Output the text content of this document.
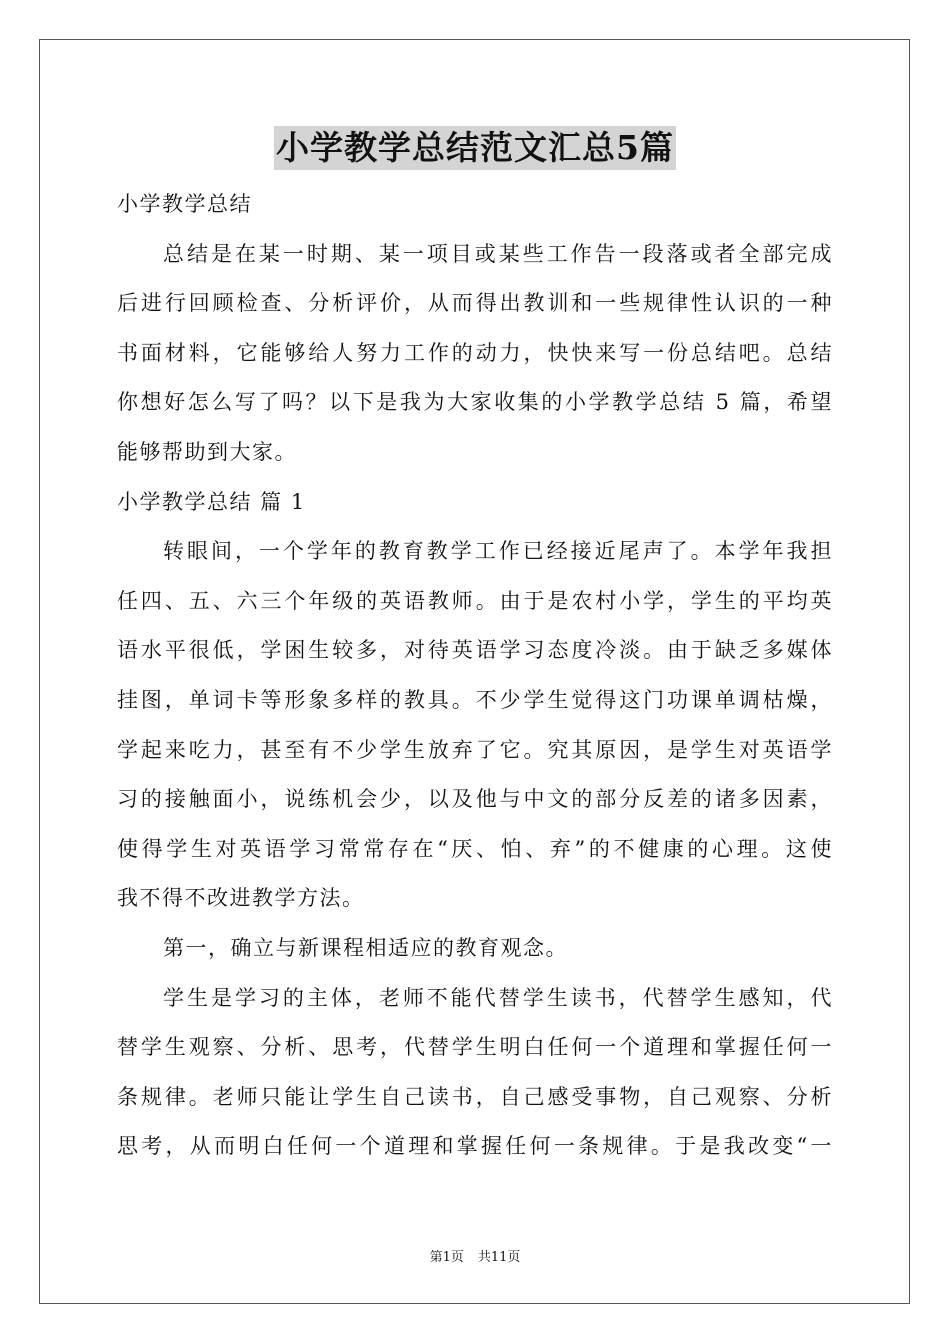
小学教学总结范文汇总5篇
小学教学总结
总结是在某一时期、某一项目或某些工作告一段落或者全部完成
后进行回顾检查、分析评价，从而得出教训和一些规律性认识的一种
书面材料，它能够给人努力工作的动力，快快来写一份总结吧。总结
你想好怎么写了吗？以下是我为大家收集的小学教学总结 5 篇，希望
能够帮助到大家。
小学教学总结 篇 1
转眼间，一个学年的教育教学工作已经接近尾声了。本学年我担
任四、五、六三个年级的英语教师。由于是农村小学，学生的平均英
语水平很低，学困生较多，对待英语学习态度冷淡。由于缺乏多媒体
挂图，单词卡等形象多样的教具。不少学生觉得这门功课单调枯燥，
学起来吃力，甚至有不少学生放弃了它。究其原因，是学生对英语学
习的接触面小，说练机会少，以及他与中文的部分反差的诸多因素，
使得学生对英语学习常常存在“厌、怕、弃”的不健康的心理。这使
我不得不改进教学方法。
第一，确立与新课程相适应的教育观念。
学生是学习的主体，老师不能代替学生读书，代替学生感知，代
替学生观察、分析、思考，代替学生明白任何一个道理和掌握任何一
条规律。老师只能让学生自己读书，自己感受事物，自己观察、分析
思考，从而明白任何一个道理和掌握任何一条规律。于是我改变“一
第1页 共11页
